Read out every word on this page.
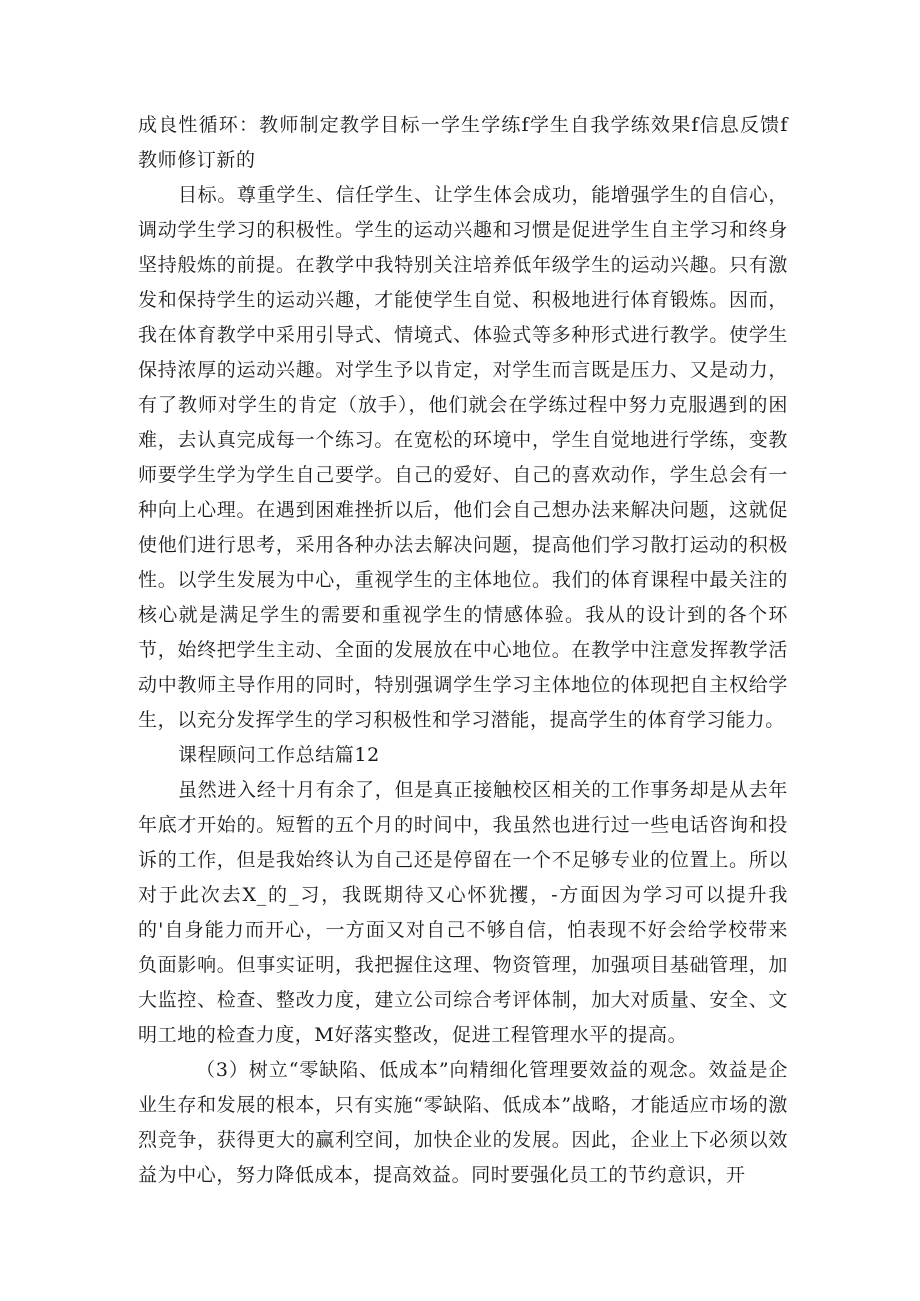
成良性循环：教师制定教学目标一学生学练f学生自我学练效果f信息反馈f教师修订新的

目标。尊重学生、信任学生、让学生体会成功，能增强学生的自信心，调动学生学习的积极性。学生的运动兴趣和习惯是促进学生自主学习和终身坚持般炼的前提。在教学中我特别关注培养低年级学生的运动兴趣。只有激发和保持学生的运动兴趣，才能使学生自觉、积极地进行体育锻炼。因而，我在体育教学中采用引导式、情境式、体验式等多种形式进行教学。使学生保持浓厚的运动兴趣。对学生予以肯定，对学生而言既是压力、又是动力，有了教师对学生的肯定（放手），他们就会在学练过程中努力克服遇到的困难，去认真完成每一个练习。在宽松的环境中，学生自觉地进行学练，变教师要学生学为学生自己要学。自己的爱好、自己的喜欢动作，学生总会有一种向上心理。在遇到困难挫折以后，他们会自己想办法来解决问题，这就促使他们进行思考，采用各种办法去解决问题，提高他们学习散打运动的积极性。以学生发展为中心，重视学生的主体地位。我们的体育课程中最关注的核心就是满足学生的需要和重视学生的情感体验。我从的设计到的各个环节，始终把学生主动、全面的发展放在中心地位。在教学中注意发挥教学活动中教师主导作用的同时，特别强调学生学习主体地位的体现把自主权给学生，以充分发挥学生的学习积极性和学习潜能，提高学生的体育学习能力。

课程顾问工作总结篇12

虽然进入经十月有余了，但是真正接触校区相关的工作事务却是从去年年底才开始的。短暂的五个月的时间中，我虽然也进行过一些电话咨询和投诉的工作，但是我始终认为自己还是停留在一个不足够专业的位置上。所以对于此次去X_的_习，我既期待又心怀犹攫，-方面因为学习可以提升我的'自身能力而开心，一方面又对自己不够自信，怕表现不好会给学校带来负面影响。但事实证明，我把握住这理、物资管理，加强项目基础管理，加大监控、检查、整改力度，建立公司综合考评体制，加大对质量、安全、文明工地的检查力度，M好落实整改，促进工程管理水平的提高。

（3）树立“零缺陷、低成本”向精细化管理要效益的观念。效益是企业生存和发展的根本，只有实施“零缺陷、低成本”战略，才能适应市场的激烈竞争，获得更大的赢利空间，加快企业的发展。因此，企业上下必须以效益为中心，努力降低成本，提高效益。同时要强化员工的节约意识，开
